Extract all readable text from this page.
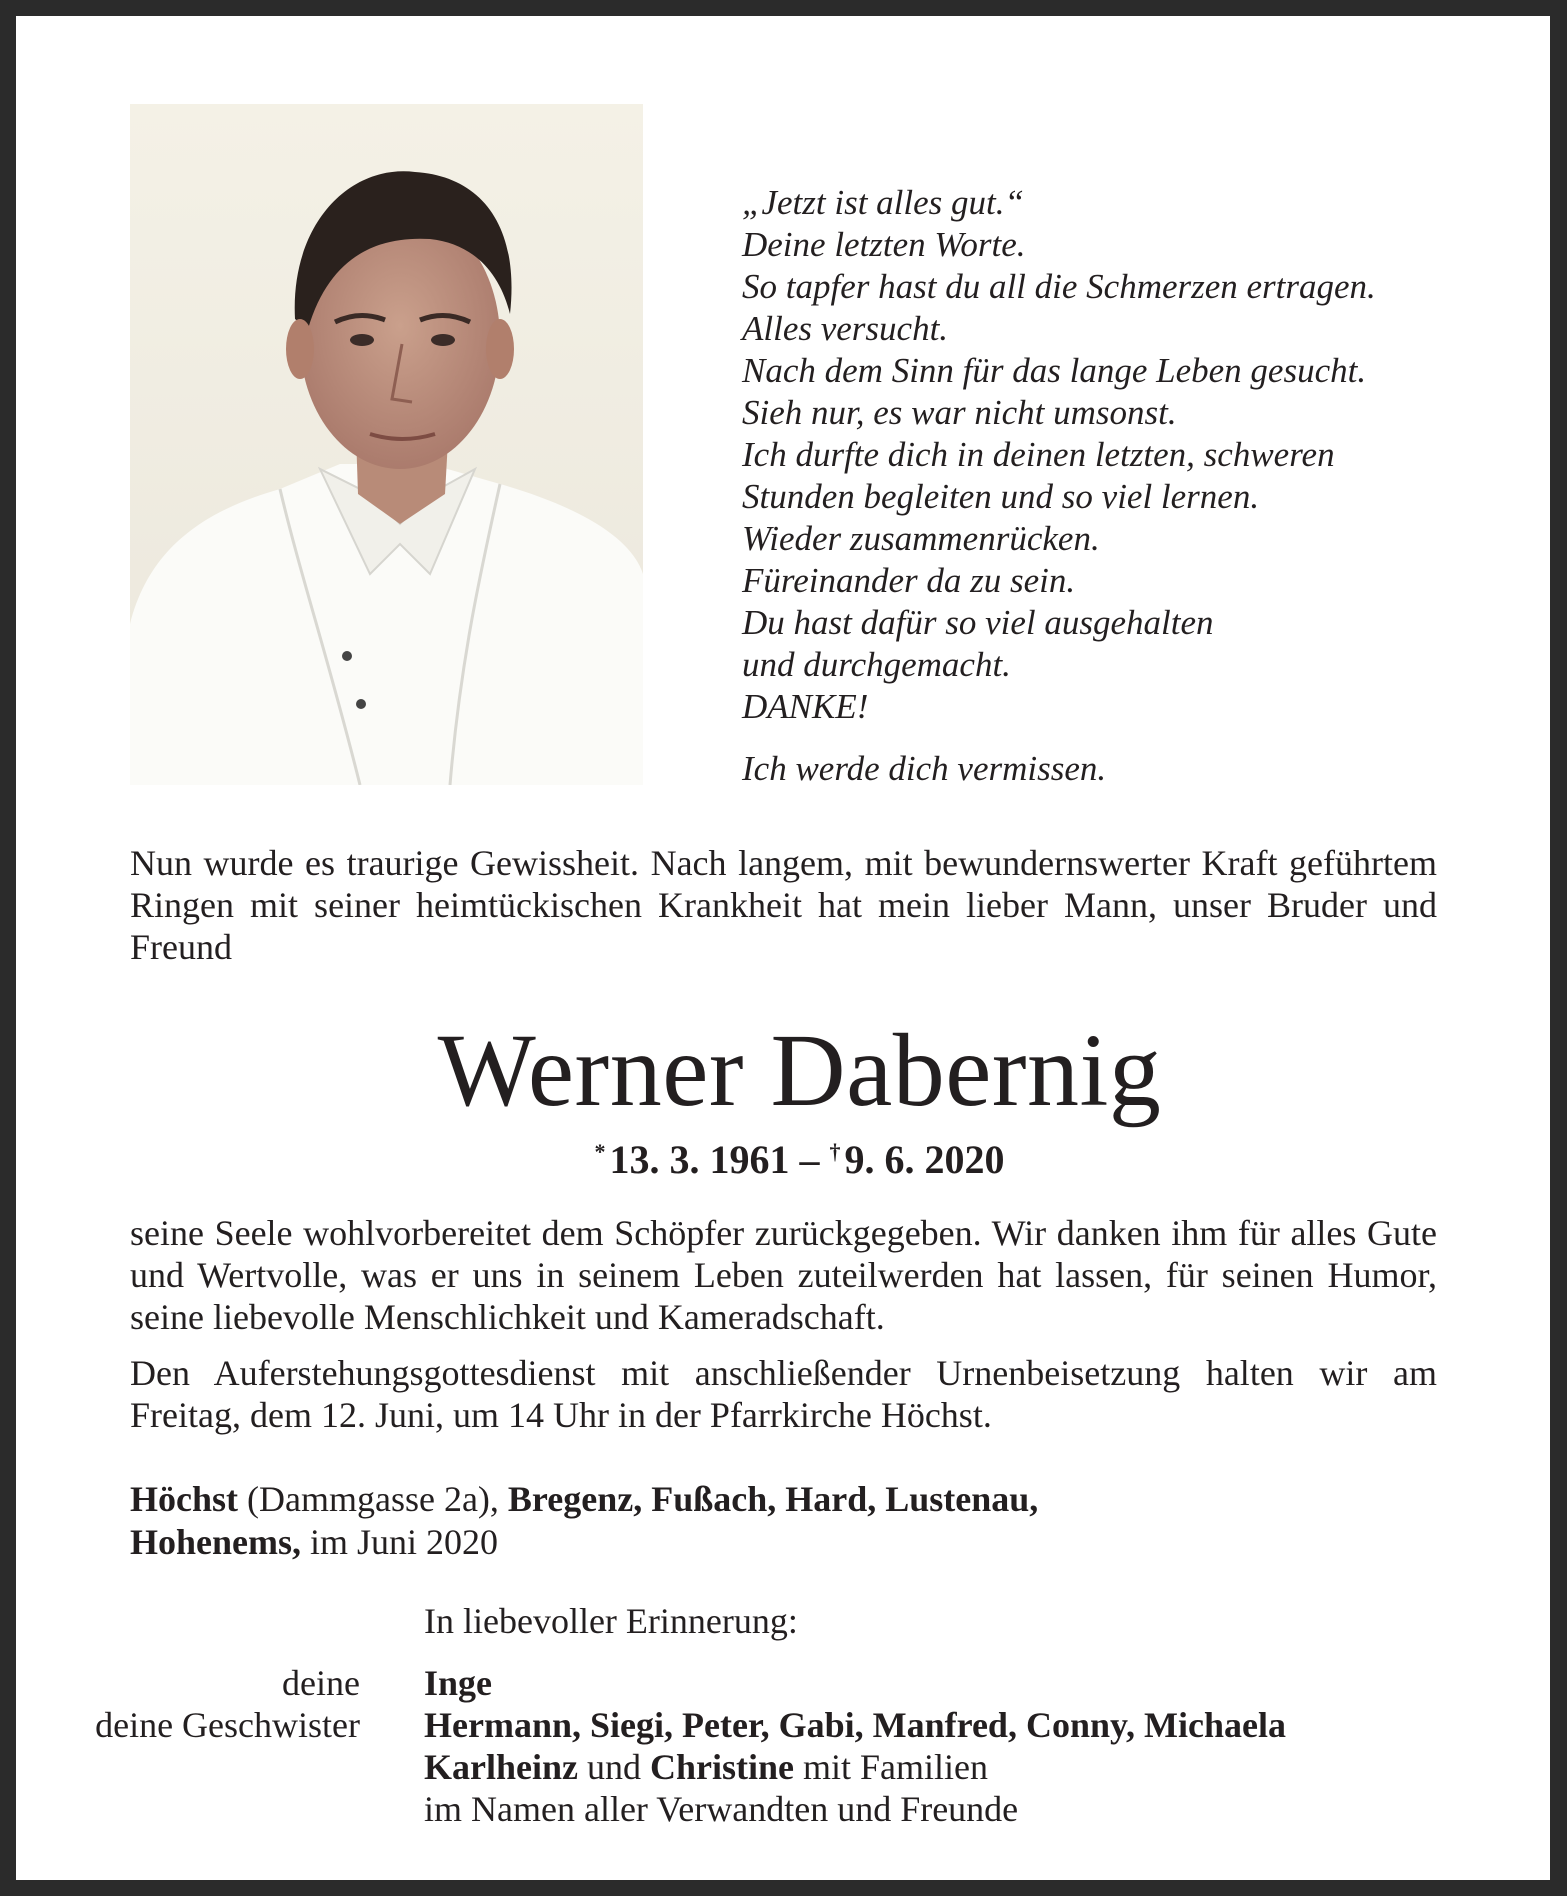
„Jetzt ist alles gut.“
Deine letzten Worte.
So tapfer hast du all die Schmerzen ertragen.
Alles versucht.
Nach dem Sinn für das lange Leben gesucht.
Sieh nur, es war nicht umsonst.
Ich durfte dich in deinen letzten, schweren
Stunden begleiten und so viel lernen.
Wieder zusammenrücken.
Füreinander da zu sein.
Du hast dafür so viel ausgehalten
und durchgemacht.
DANKE!
Ich werde dich vermissen.
Nun wurde es traurige Gewissheit. Nach langem, mit bewundernswerter Kraft geführtem Ringen mit seiner heimtückischen Krankheit hat mein lieber Mann, unser Bruder und Freund
Werner Dabernig
* 13. 3. 1961 – † 9. 6. 2020
seine Seele wohlvorbereitet dem Schöpfer zurückgegeben. Wir danken ihm für alles Gute und Wertvolle, was er uns in seinem Leben zuteilwerden hat lassen, für seinen Humor, seine liebevolle Menschlichkeit und Kameradschaft.
Den Auferstehungsgottesdienst mit anschließender Urnenbeisetzung halten wir am Freitag, dem 12. Juni, um 14 Uhr in der Pfarrkirche Höchst.
Höchst (Dammgasse 2a), Bregenz, Fußach, Hard, Lustenau,
Hohenems, im Juni 2020
In liebevoller Erinnerung:
deine Inge
deine Geschwister Hermann, Siegi, Peter, Gabi, Manfred, Conny, Michaela
Karlheinz und Christine mit Familien
im Namen aller Verwandten und Freunde
